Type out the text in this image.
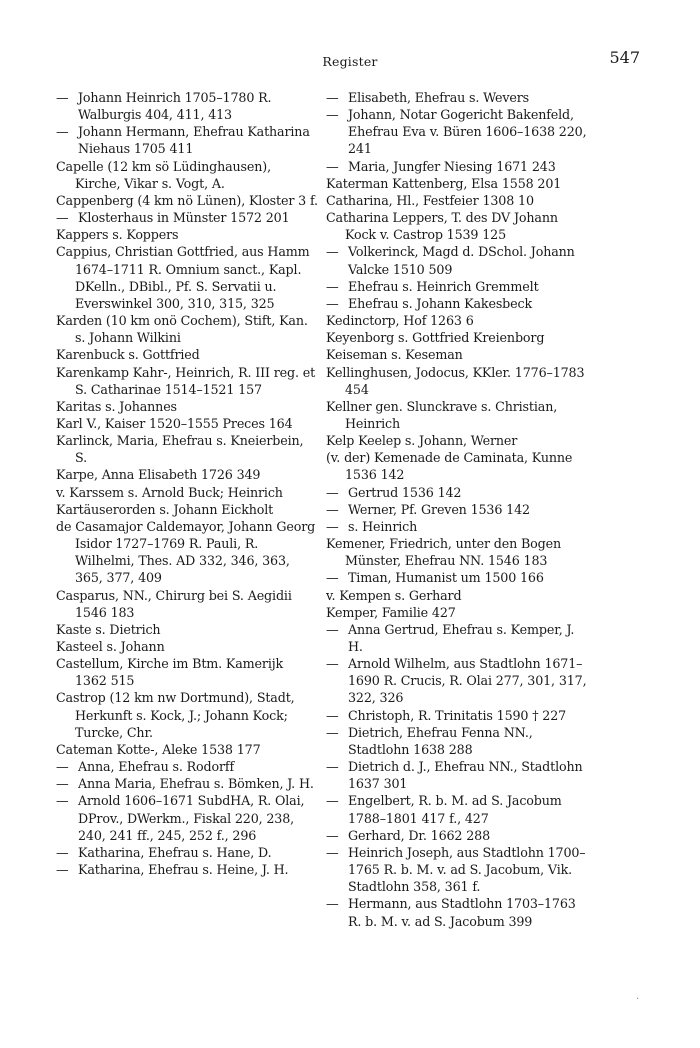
Register	547

— Johann Heinrich 1705–1780 R. Walburgis 404, 411, 413

— Johann Hermann, Ehefrau Katharina Niehaus 1705 411

Capelle (12 km sö Lüdinghausen), Kirche, Vikar s. Vogt, A.

Cappenberg (4 km nö Lünen), Kloster 3 f.

— Klosterhaus in Münster 1572 201

Kappers s. Koppers

Cappius, Christian Gottfried, aus Hamm 1674–1711 R. Omnium sanct., Kapl. DKelln., DBibl., Pf. S. Servatii u. Everswinkel 300, 310, 315, 325

Karden (10 km onö Cochem), Stift, Kan. s. Johann Wilkini

Karenbuck s. Gottfried

Karenkamp Kahr-, Heinrich, R. III reg. et S. Catharinae 1514–1521 157

Karitas s. Johannes

Karl V., Kaiser 1520–1555 Preces 164

Karlinck, Maria, Ehefrau s. Kneierbein, S.

Karpe, Anna Elisabeth 1726 349

v. Karssem s. Arnold Buck; Heinrich

Kartäuserorden s. Johann Eickholt

de Casamajor Caldemayor, Johann Georg Isidor 1727–1769 R. Pauli, R. Wilhelmi, Thes. AD 332, 346, 363, 365, 377, 409

Casparus, NN., Chirurg bei S. Aegidii 1546 183

Kaste s. Dietrich

Kasteel s. Johann

Castellum, Kirche im Btm. Kamerijk 1362 515

Castrop (12 km nw Dortmund), Stadt, Herkunft s. Kock, J.; Johann Kock; Turcke, Chr.

Cateman Kotte-, Aleke 1538 177

— Anna, Ehefrau s. Rodorff

— Anna Maria, Ehefrau s. Bömken, J. H.

— Arnold 1606–1671 SubdHA, R. Olai, DProv., DWerkm., Fiskal 220, 238, 240, 241 ff., 245, 252 f., 296

— Katharina, Ehefrau s. Hane, D.

— Katharina, Ehefrau s. Heine, J. H.

— Elisabeth, Ehefrau s. Wevers

— Johann, Notar Gogericht Bakenfeld, Ehefrau Eva v. Büren 1606–1638 220, 241

— Maria, Jungfer Niesing 1671 243

Katerman Kattenberg, Elsa 1558 201

Catharina, Hl., Festfeier 1308 10

Catharina Leppers, T. des DV Johann Kock v. Castrop 1539 125

— Volkerinck, Magd d. DSchol. Johann Valcke 1510 509

— Ehefrau s. Heinrich Gremmelt

— Ehefrau s. Johann Kakesbeck

Kedinctorp, Hof 1263 6

Keyenborg s. Gottfried Kreienborg

Keiseman s. Keseman

Kellinghusen, Jodocus, KKler. 1776–1783 454

Kellner gen. Slunckrave s. Christian, Heinrich

Kelp Keelep s. Johann, Werner

(v. der) Kemenade de Caminata, Kunne 1536 142

— Gertrud 1536 142

— Werner, Pf. Greven 1536 142

— s. Heinrich

Kemener, Friedrich, unter den Bogen Münster, Ehefrau NN. 1546 183

— Timan, Humanist um 1500 166

v. Kempen s. Gerhard

Kemper, Familie 427

— Anna Gertrud, Ehefrau s. Kemper, J. H.

— Arnold Wilhelm, aus Stadtlohn 1671–1690 R. Crucis, R. Olai 277, 301, 317, 322, 326

— Christoph, R. Trinitatis 1590 † 227

— Dietrich, Ehefrau Fenna NN., Stadtlohn 1638 288

— Dietrich d. J., Ehefrau NN., Stadtlohn 1637 301

— Engelbert, R. b. M. ad S. Jacobum 1788–1801 417 f., 427

— Gerhard, Dr. 1662 288

— Heinrich Joseph, aus Stadtlohn 1700–1765 R. b. M. v. ad S. Jacobum, Vik. Stadtlohn 358, 361 f.

— Hermann, aus Stadtlohn 1703–1763 R. b. M. v. ad S. Jacobum 399

·
